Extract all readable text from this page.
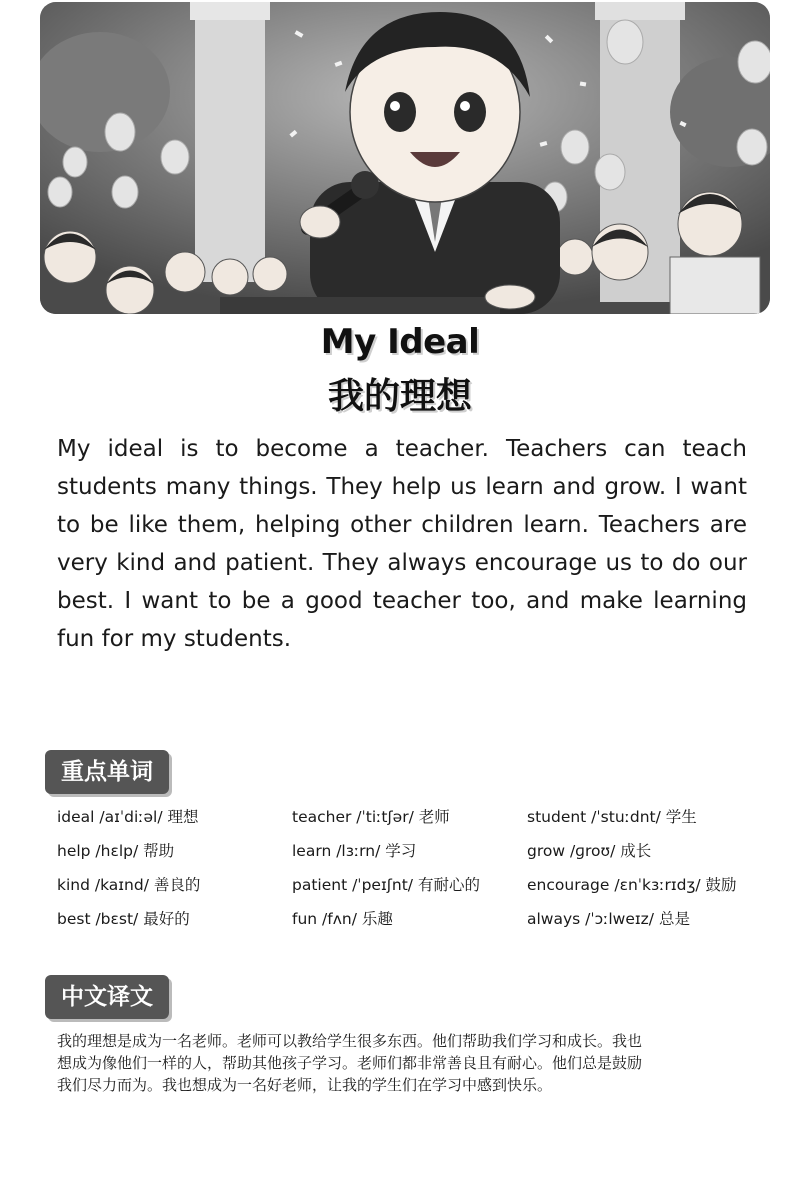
My Ideal
我的理想

My ideal is to become a teacher. Teachers can teach students many things. They help us learn and grow. I want to be like them, helping other children learn. Teachers are very kind and patient. They always encourage us to do our best. I want to be a good teacher too, and make learning fun for my students.

重点单词
ideal /aɪˈdiːəl/ 理想	teacher /ˈtiːtʃər/ 老师	student /ˈstuːdnt/ 学生
help /hɛlp/ 帮助	learn /lɜːrn/ 学习	grow /ɡroʊ/ 成长
kind /kaɪnd/ 善良的	patient /ˈpeɪʃnt/ 有耐心的	encourage /ɛnˈkɜːrɪdʒ/ 鼓励
best /bɛst/ 最好的	fun /fʌn/ 乐趣	always /ˈɔːlweɪz/ 总是
中文译文

我的理想是成为一名老师。老师可以教给学生很多东西。他们帮助我们学习和成长。我也想成为像他们一样的人，帮助其他孩子学习。老师们都非常善良且有耐心。他们总是鼓励我们尽力而为。我也想成为一名好老师，让我的学生们在学习中感到快乐。
